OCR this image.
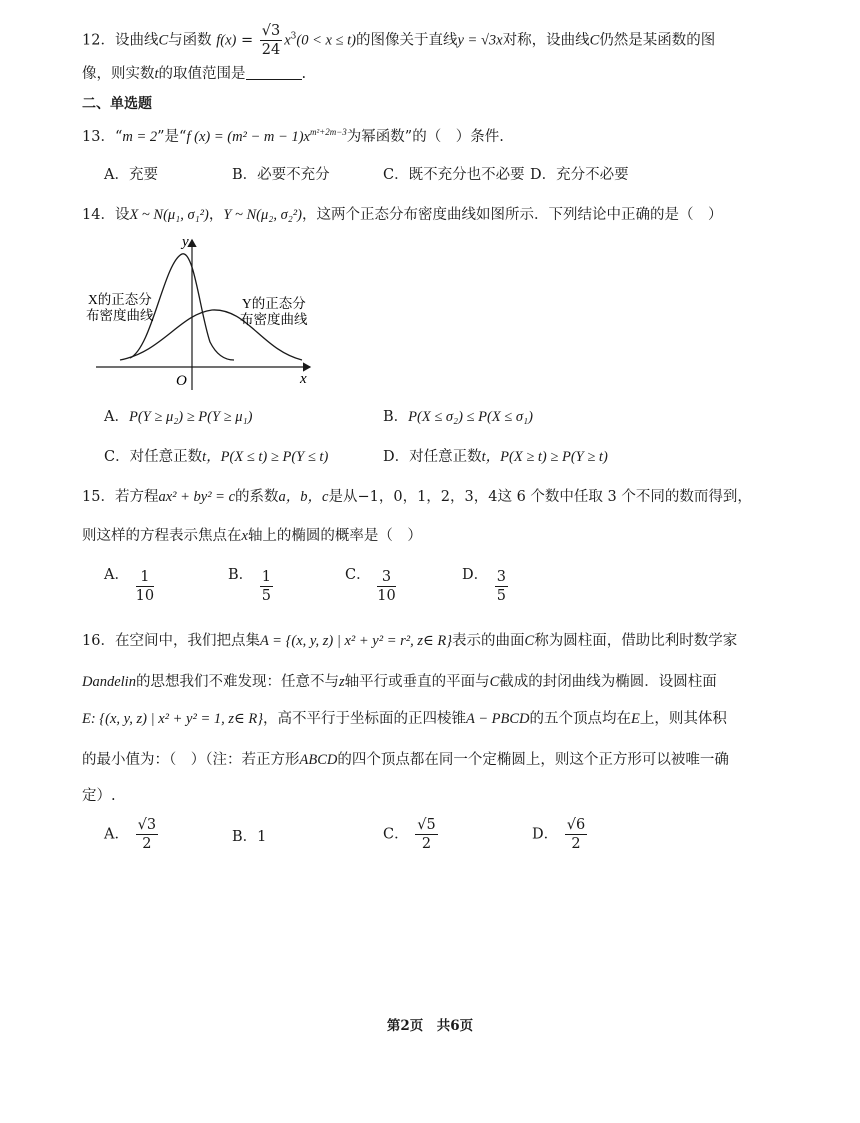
12．设曲线C与函数 $f(x) = \frac{√3}{24} x^3(0 < x \le t)$的图像关于直线y = √3x对称，设曲线C仍然是某函数的图
像，则实数t的取值范围是	.
二、单选题
13．“m = 2”是“f $(x) = (m^2 - m - 1)x^{m^2+2m-3}$为幂函数”的（　）条件.
A．充要	B．必要不充分	C．既不充分也不必要 D．充分不必要
14．设X ~ N(μ₁, σ₁²)，Y ~ N(μ₂, σ₂²)，这两个正态分布密度曲线如图所示．下列结论中正确的是（　）
y
x
O
X的正态分
布密度曲线
Y的正态分
布密度曲线
A．P(Y ≥ μ₂) ≥ P(Y ≥ μ₁)	B．P(X ≤ σ₂) ≤ P(X ≤ σ₁)
C．对任意正数t，P(X ≤ t) ≥ P(Y ≤ t)	D．对任意正数t，P(X ≥ t) ≥ P(Y ≥ t)
15．若方程ax² + by² = c的系数a，b，c是从−1，0，1，2，3，4这 6 个数中任取 3 个不同的数而得到，
则这样的方程表示焦点在x轴上的椭圆的概率是（　）
A． $\frac{1}{10}$	B． $\frac{1}{5}$	C． $\frac{3}{10}$	D． $\frac{3}{5}$
16．在空间中，我们把点集A = {(x, y, z) | x² + y² = r², z∈ R}表示的曲面C称为圆柱面，借助比利时数学家
Dandelin的思想我们不难发现：任意不与z轴平行或垂直的平面与C截成的封闭曲线为椭圆．设圆柱面
E: {(x, y, z) | x² + y² = 1, z∈ R}，高不平行于坐标面的正四棱锥A − PBCD的五个顶点均在E上，则其体积
的最小值为：（　）（注：若正方形ABCD的四个顶点都在同一个定椭圆上，则这个正方形可以被唯一确
定）.
A． $\frac{√3}{2}$	B．1	C． $\frac{√5}{2}$	D． $\frac{√6}{2}$
第2页　共6页
